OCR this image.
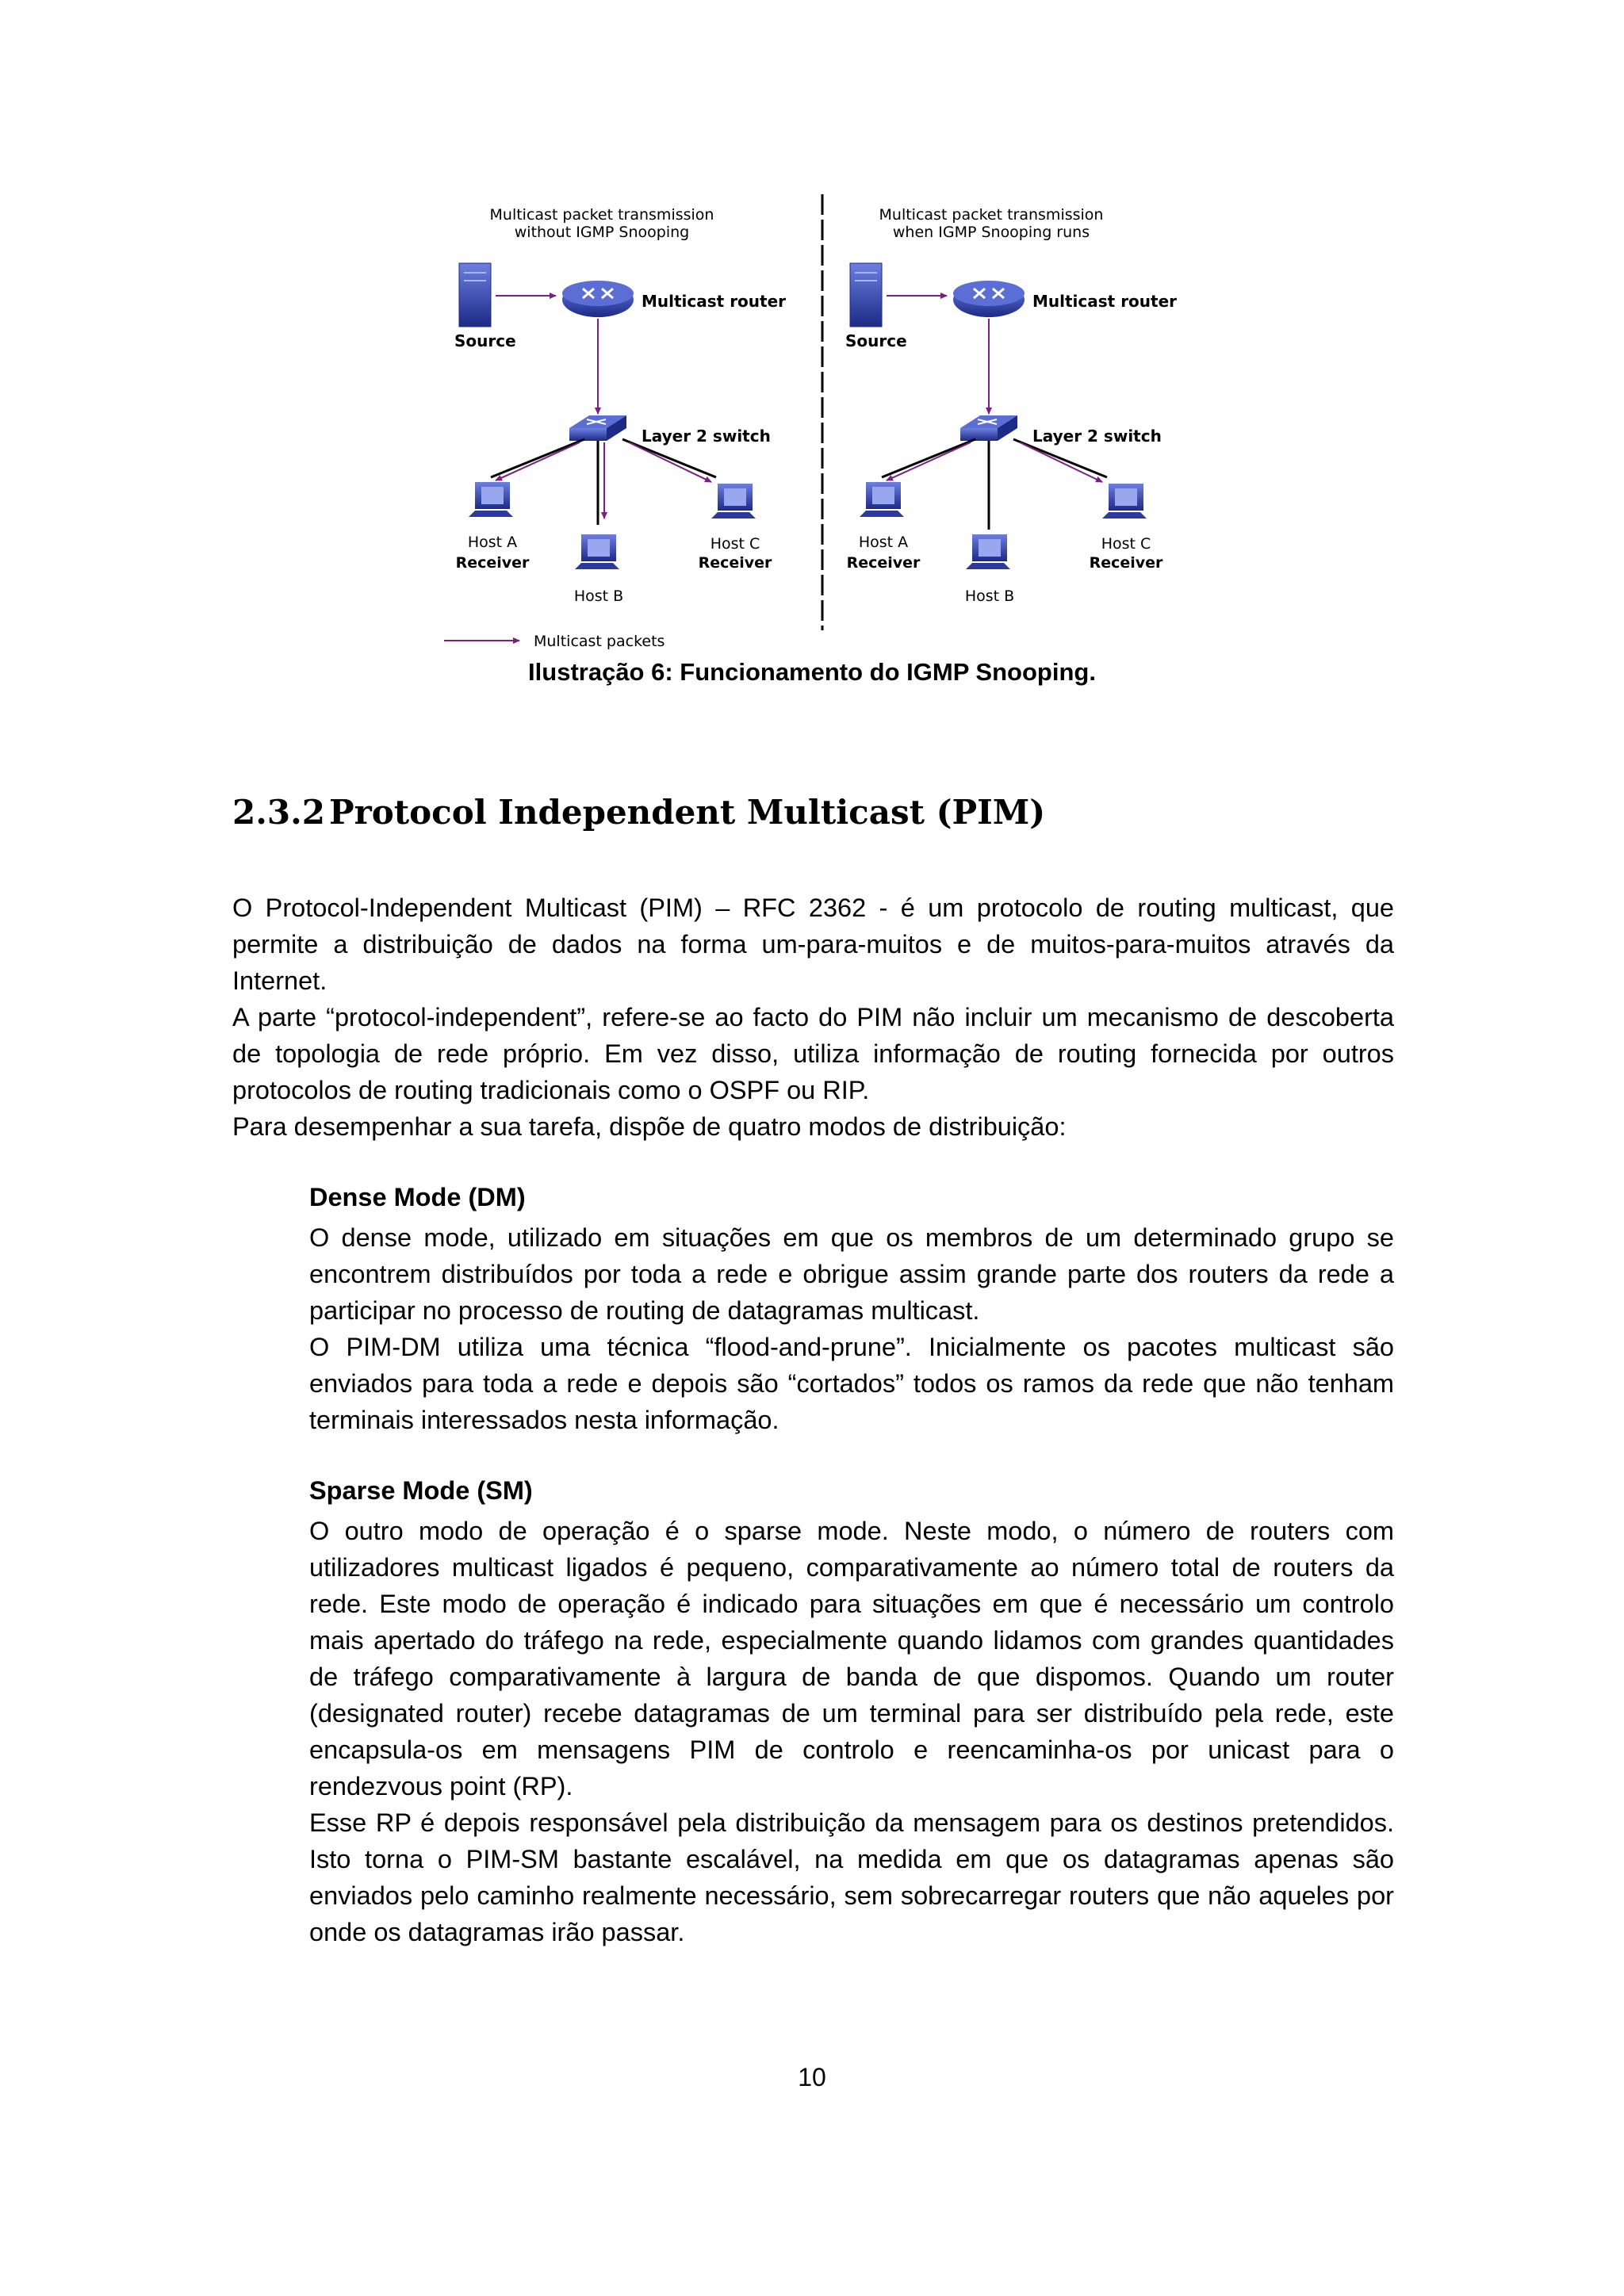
Multicast packet transmission
without IGMP Snooping
Source
Multicast router
Layer 2 switch
Host A
Receiver
Host B
Host C
Receiver
Multicast packet transmission
when IGMP Snooping runs
Source
Multicast router
Layer 2 switch
Host A
Receiver
Host B
Host C
Receiver
Multicast packets
Ilustração 6: Funcionamento do IGMP Snooping.
2.3.2 Protocol Independent Multicast (PIM)
O Protocol-Independent Multicast (PIM) – RFC 2362 - é um protocolo de routing multicast, que permite a distribuição de dados na forma um-para-muitos e de muitos-para-muitos através da Internet.
A parte “protocol-independent”, refere-se ao facto do PIM não incluir um mecanismo de descoberta de topologia de rede próprio. Em vez disso, utiliza informação de routing fornecida por outros protocolos de routing tradicionais como o OSPF ou RIP.
Para desempenhar a sua tarefa, dispõe de quatro modos de distribuição:
Dense Mode (DM)
O dense mode, utilizado em situações em que os membros de um determinado grupo se encontrem distribuídos por toda a rede e obrigue assim grande parte dos routers da rede a participar no processo de routing de datagramas multicast.
O PIM-DM utiliza uma técnica “flood-and-prune”. Inicialmente os pacotes multicast são enviados para toda a rede e depois são “cortados” todos os ramos da rede que não tenham terminais interessados nesta informação.
Sparse Mode (SM)
O outro modo de operação é o sparse mode. Neste modo, o número de routers com utilizadores multicast ligados é pequeno, comparativamente ao número total de routers da rede. Este modo de operação é indicado para situações em que é necessário um controlo mais apertado do tráfego na rede, especialmente quando lidamos com grandes quantidades de tráfego comparativamente à largura de banda de que dispomos. Quando um router (designated router) recebe datagramas de um terminal para ser distribuído pela rede, este encapsula-os em mensagens PIM de controlo e reencaminha-os por unicast para o rendezvous point (RP).
Esse RP é depois responsável pela distribuição da mensagem para os destinos pretendidos. Isto torna o PIM-SM bastante escalável, na medida em que os datagramas apenas são enviados pelo caminho realmente necessário, sem sobrecarregar routers que não aqueles por onde os datagramas irão passar.
10
